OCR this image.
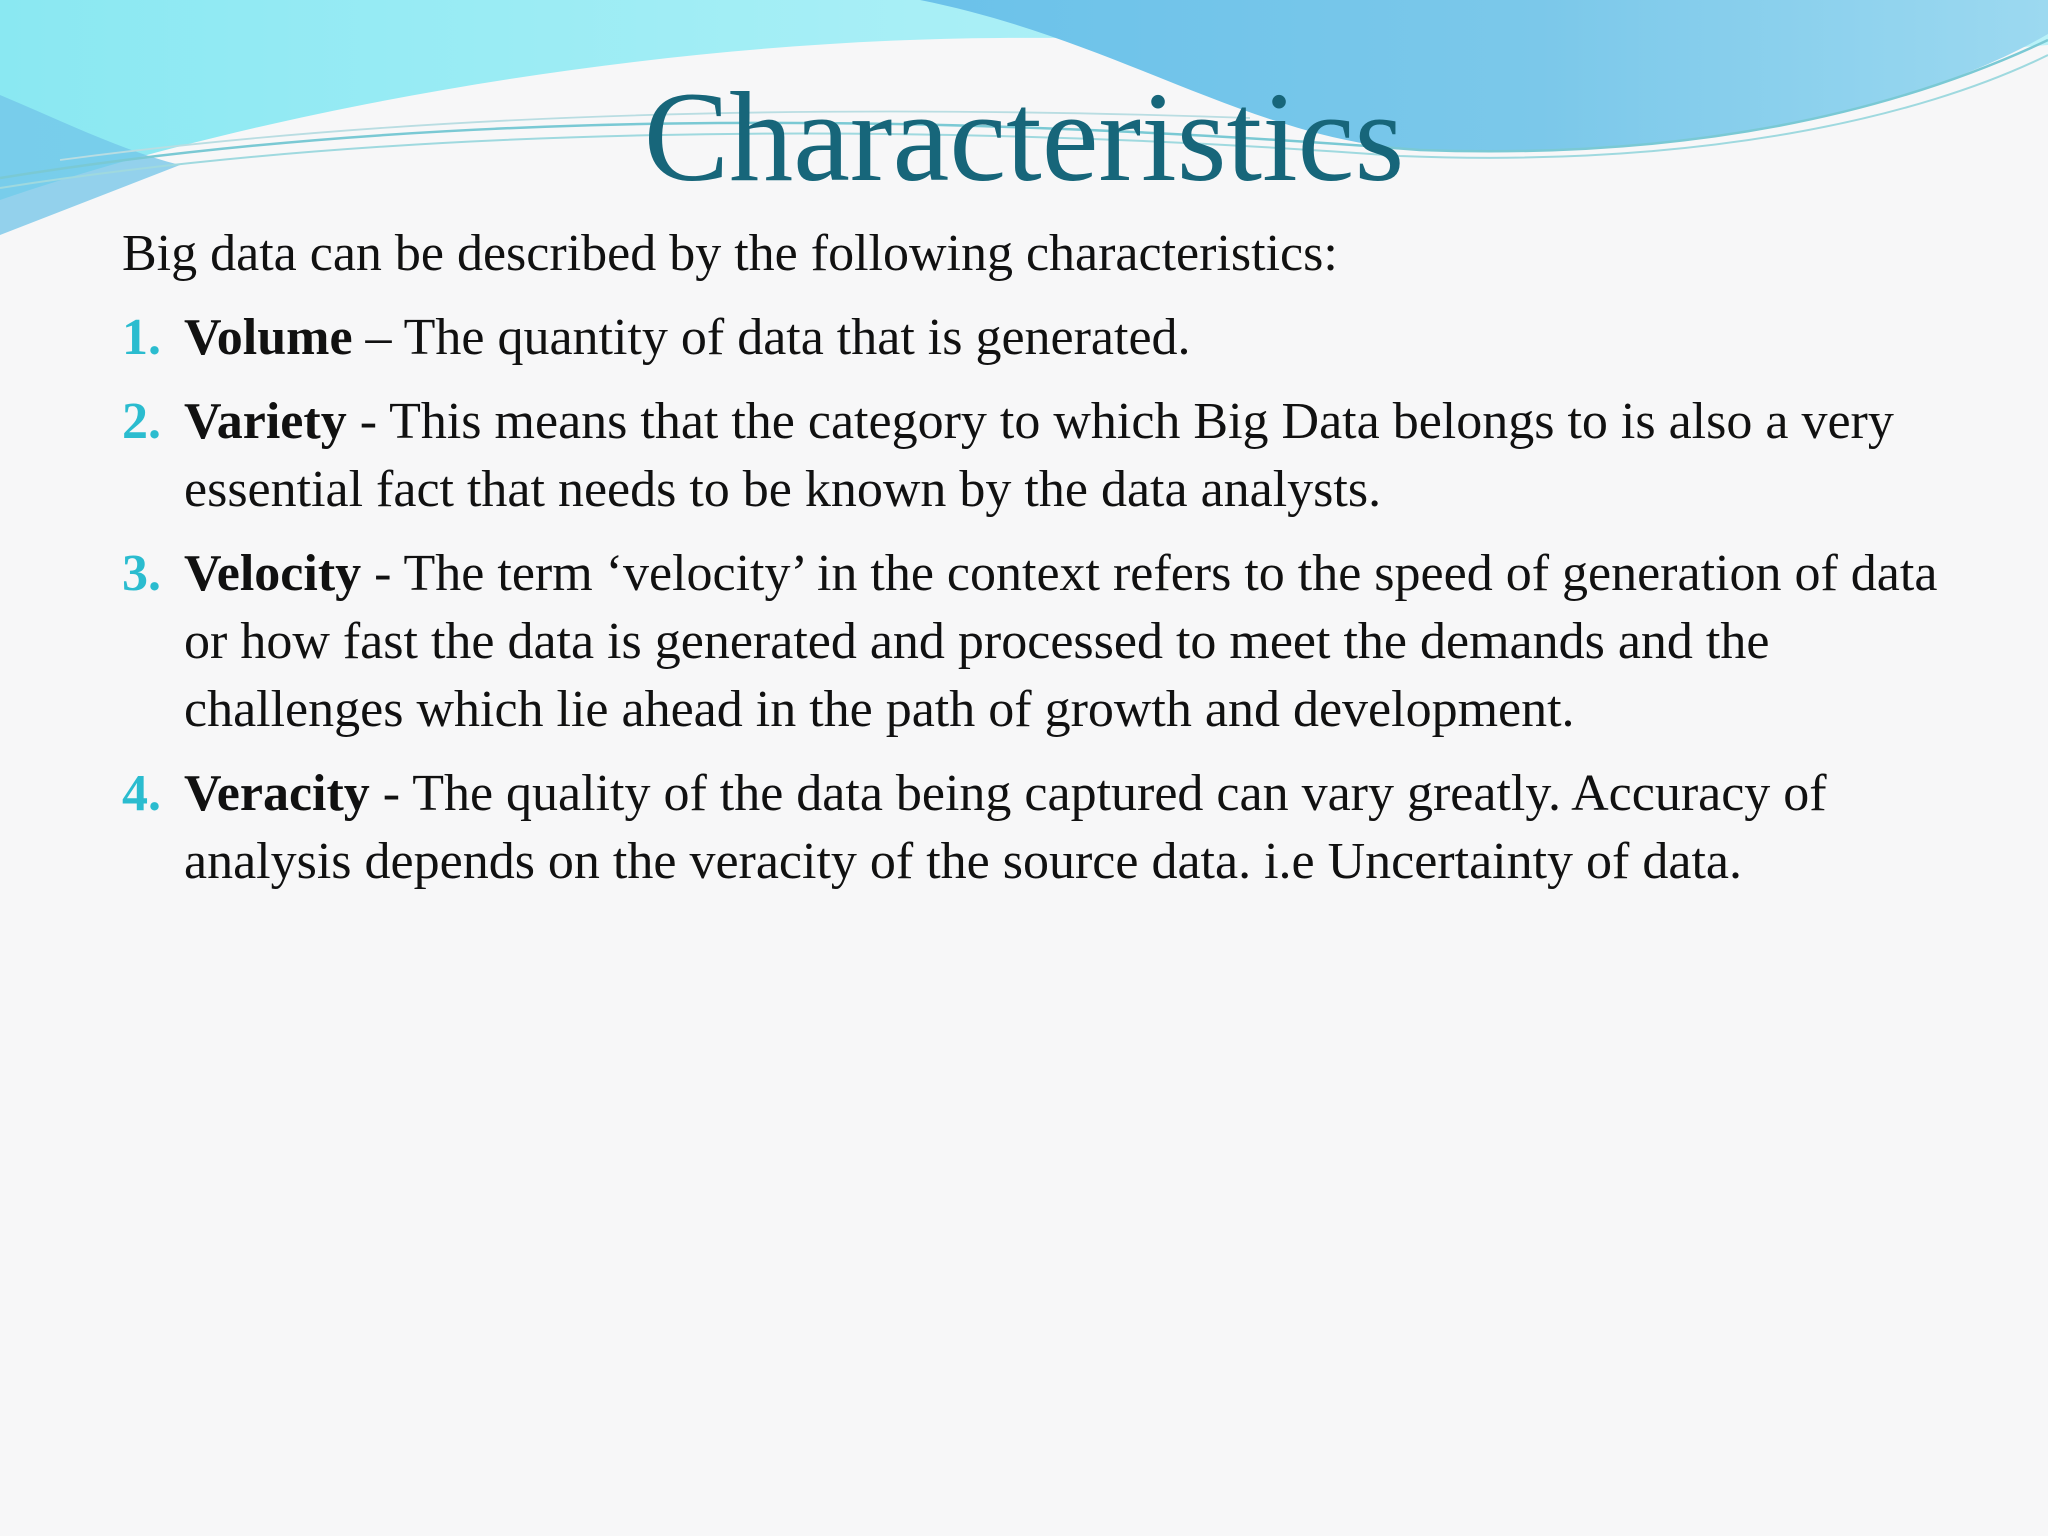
Characteristics
Big data can be described by the following characteristics:
1. Volume – The quantity of data that is generated.
2. Variety - This means that the category to which Big Data belongs to is also a very essential fact that needs to be known by the data analysts.
3. Velocity - The term ‘velocity’ in the context refers to the speed of generation of data or how fast the data is generated and processed to meet the demands and the challenges which lie ahead in the path of growth and development.
4. Veracity - The quality of the data being captured can vary greatly. Accuracy of analysis depends on the veracity of the source data. i.e Uncertainty of data.
